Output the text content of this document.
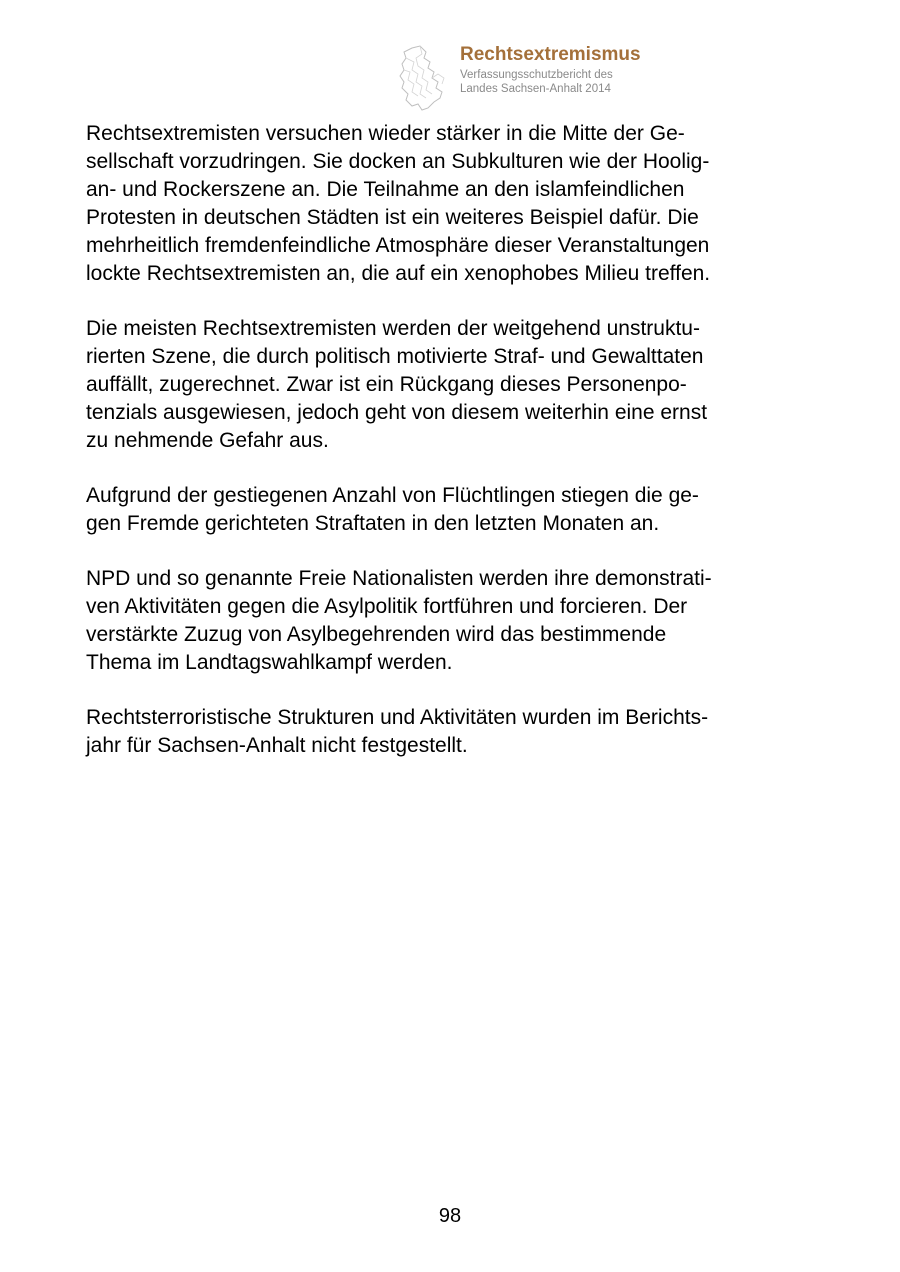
Rechtsextremismus
Verfassungsschutzbericht des
Landes Sachsen-Anhalt 2014

Rechtsextremisten versuchen wieder stärker in die Mitte der Ge-
sellschaft vorzudringen. Sie docken an Subkulturen wie der Hoolig-
an- und Rockerszene an. Die Teilnahme an den islamfeindlichen
Protesten in deutschen Städten ist ein weiteres Beispiel dafür. Die
mehrheitlich fremdenfeindliche Atmosphäre dieser Veranstaltungen
lockte Rechtsextremisten an, die auf ein xenophobes Milieu treffen.

Die meisten Rechtsextremisten werden der weitgehend unstruktu-
rierten Szene, die durch politisch motivierte Straf- und Gewalttaten
auffällt, zugerechnet. Zwar ist ein Rückgang dieses Personenpo-
tenzials ausgewiesen, jedoch geht von diesem weiterhin eine ernst
zu nehmende Gefahr aus.

Aufgrund der gestiegenen Anzahl von Flüchtlingen stiegen die ge-
gen Fremde gerichteten Straftaten in den letzten Monaten an.

NPD und so genannte Freie Nationalisten werden ihre demonstrati-
ven Aktivitäten gegen die Asylpolitik fortführen und forcieren. Der
verstärkte Zuzug von Asylbegehrenden wird das bestimmende
Thema im Landtagswahlkampf werden.

Rechtsterroristische Strukturen und Aktivitäten wurden im Berichts-
jahr für Sachsen-Anhalt nicht festgestellt.

98
